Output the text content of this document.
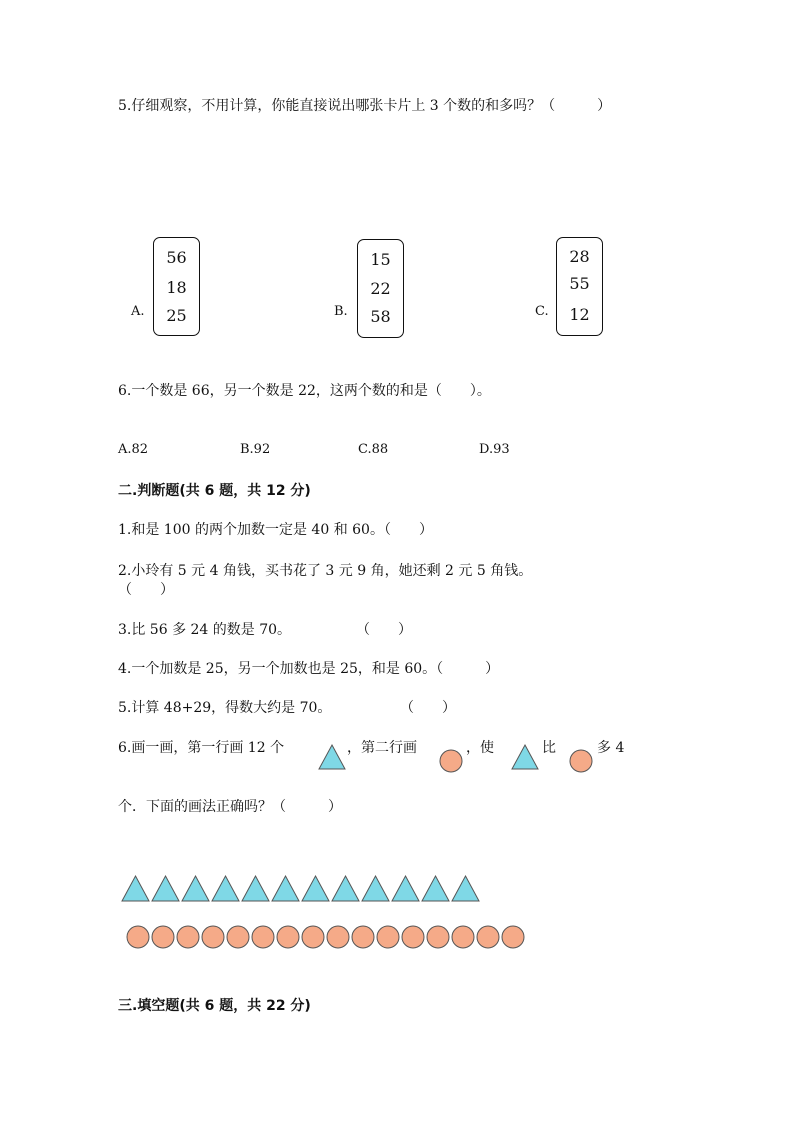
5.仔细观察，不用计算，你能直接说出哪张卡片上 3 个数的和多吗？（　　　）
A.
56
18
25	B.
15
22
58	C.
28
55
12
6.一个数是 66，另一个数是 22，这两个数的和是（　　）。
A.82	B.92	C.88	D.93
二.判断题(共 6 题，共 12 分)
1.和是 100 的两个加数一定是 40 和 60。（　　）
2.小玲有 5 元 4 角钱，买书花了 3 元 9 角，她还剩 2 元 5 角钱。
（　　）
3.比 56 多 24 的数是 70。	（　　）
4.一个加数是 25，另一个加数也是 25，和是 60。（　　　）
5.计算 48+29，得数大约是 70。	（　　）
6.画一画，第一行画 12 个	，第二行画	，使	比	多 4
个．下面的画法正确吗？（　　　）
三.填空题(共 6 题，共 22 分)
